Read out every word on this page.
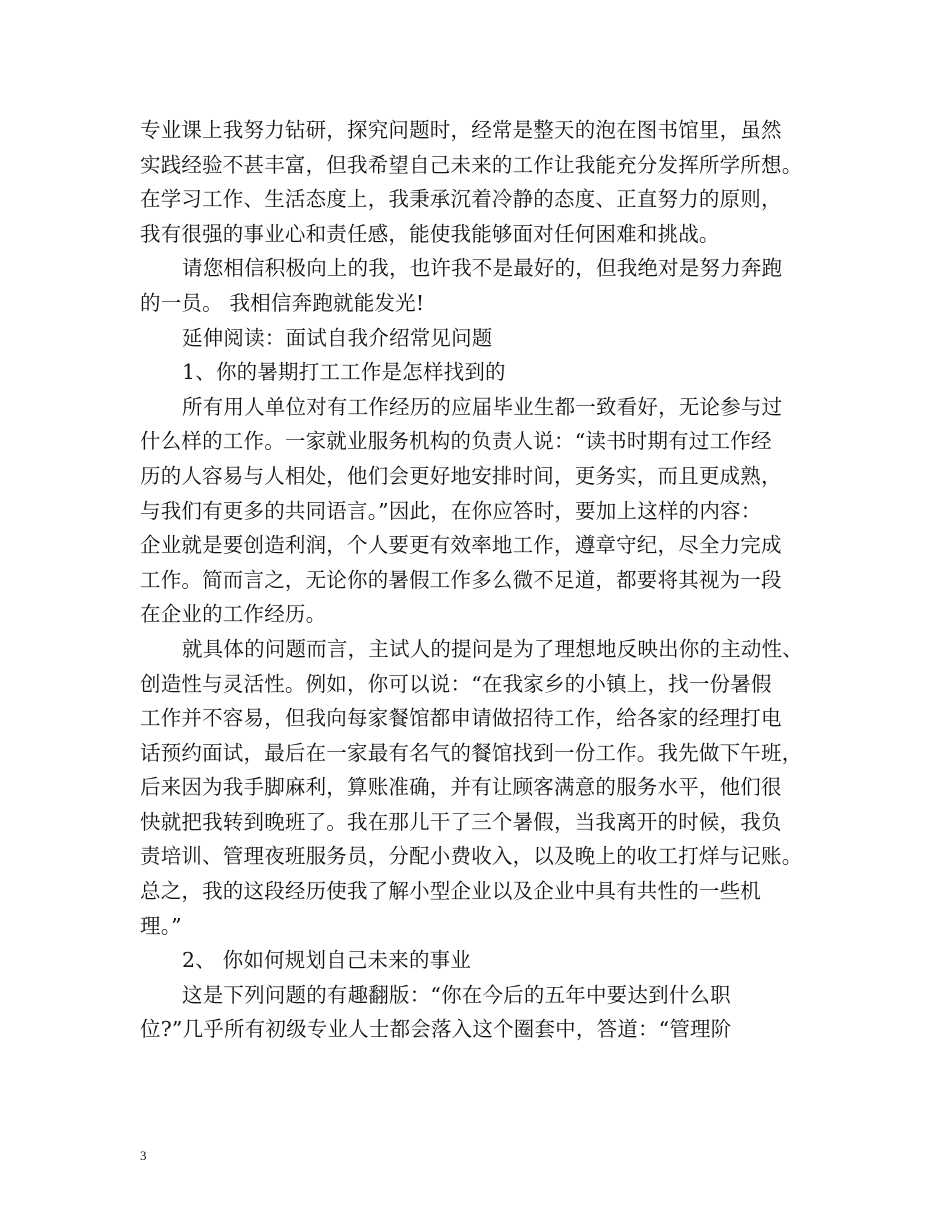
专业课上我努力钻研，探究问题时，经常是整天的泡在图书馆里，虽然
实践经验不甚丰富，但我希望自己未来的工作让我能充分发挥所学所想。
在学习工作、生活态度上，我秉承沉着冷静的态度、正直努力的原则，
我有很强的事业心和责任感，能使我能够面对任何困难和挑战。
请您相信积极向上的我，也许我不是最好的，但我绝对是努力奔跑
的一员。 我相信奔跑就能发光!
延伸阅读：面试自我介绍常见问题
1、你的暑期打工工作是怎样找到的
所有用人单位对有工作经历的应届毕业生都一致看好，无论参与过
什么样的工作。一家就业服务机构的负责人说：“读书时期有过工作经
历的人容易与人相处，他们会更好地安排时间，更务实，而且更成熟，
与我们有更多的共同语言。”因此，在你应答时，要加上这样的内容：
企业就是要创造利润，个人要更有效率地工作，遵章守纪，尽全力完成
工作。简而言之，无论你的暑假工作多么微不足道，都要将其视为一段
在企业的工作经历。
就具体的问题而言，主试人的提问是为了理想地反映出你的主动性、
创造性与灵活性。例如，你可以说：“在我家乡的小镇上，找一份暑假
工作并不容易，但我向每家餐馆都申请做招待工作，给各家的经理打电
话预约面试，最后在一家最有名气的餐馆找到一份工作。我先做下午班，
后来因为我手脚麻利，算账准确，并有让顾客满意的服务水平，他们很
快就把我转到晚班了。我在那儿干了三个暑假，当我离开的时候，我负
责培训、管理夜班服务员，分配小费收入，以及晚上的收工打烊与记账。
总之，我的这段经历使我了解小型企业以及企业中具有共性的一些机
理。”
2、 你如何规划自己未来的事业
这是下列问题的有趣翻版：“你在今后的五年中要达到什么职
位?”几乎所有初级专业人士都会落入这个圈套中，答道：“管理阶
3
